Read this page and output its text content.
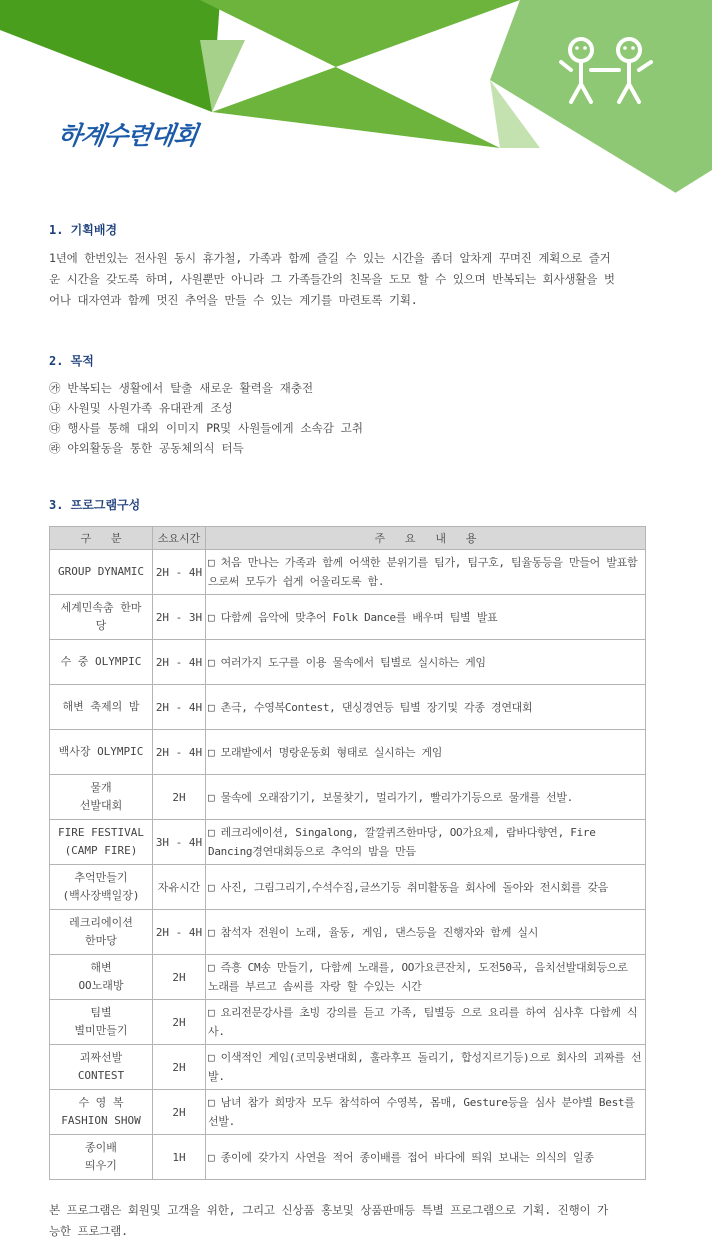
하계수련대회
1. 기획배경
1년에 한번있는 전사원 동시 휴가철, 가족과 함께 즐길 수 있는 시간을 좀더 알차게 꾸며진 계획으로 즐거
운 시간을 갖도록 하며, 사원뿐만 아니라 그 가족들간의 친목을 도모 할 수 있으며 반복되는 회사생활을 벗
어나 대자연과 함께 멋진 추억을 만들 수 있는 계기를 마련토록 기획.
2. 목적
㉮ 반복되는 생활에서 탈출 새로운 활력을 재충전
㉯ 사원및 사원가족 유대관계 조성
㉰ 행사를 통해 대외 이미지 PR및 사원들에게 소속감 고취
㉱ 야외활동을 통한 공동체의식 터득
3. 프로그램구성
구   분	소요시간	주   요   내   용

GROUP DYNAMIC	2H - 4H	□ 처음 만나는 가족과 함께 어색한 분위기를 팀가, 팀구호, 팀율동등을 만들어 발표함으로써 모두가 쉽게 어울리도록 함.

세계민속춤 한마
당	2H - 3H	□ 다함께 음악에 맞추어 Folk Dance를 배우며 팀별 발표

수 중 OLYMPIC	2H - 4H	□ 여러가지 도구를 이용 물속에서 팀별로 실시하는 게임

해변 축제의 밤	2H - 4H	□ 촌극, 수영복Contest, 댄싱경연등 팀별 장기및 각종 경연대회

백사장 OLYMPIC	2H - 4H	□ 모래밭에서 명랑운동회 형태로 실시하는 게임

물개
선발대회	2H	□ 물속에 오래잠기기, 보물찾기, 멀리가기, 빨리가기등으로 물개를 선발.

FIRE FESTIVAL
(CAMP FIRE)	3H - 4H	□ 레크리에이션, Singalong, 깔깔퀴즈한마당, OO가요제, 람바다향연, Fire Dancing경연대회등으로 추억의 밤을 만듬

추억만들기
(백사장백일장)	자유시간	□ 사진, 그림그리기,수석수집,글쓰기등 취미활동을 회사에 돌아와 전시회를 갖음

레크리에이션
한마당	2H - 4H	□ 참석자 전원이 노래, 율동, 게임, 댄스등을 진행자와 함께 실시

해변
OO노래방	2H	□ 즉흥 CM송 만들기, 다함께 노래를, OO가요큰잔치, 도전50곡, 음치선발대회등으로 노래를 부르고 솜씨를 자랑 할 수있는 시간

팀별
별미만들기	2H	□ 요리전문강사를 초빙 강의를 듣고 가족, 팀별등 으로 요리를 하여 심사후 다함께 식사.

괴짜선발
CONTEST	2H	□ 이색적인 게임(코믹웅변대회, 훌라후프 돌리기, 합성지르기등)으로 회사의 괴짜를 선발.

수 영 복
FASHION SHOW	2H	□ 남녀 참가 희망자 모두 참석하여 수영복, 몸매, Gesture등을 심사 분야별 Best를 선발.

종이배
띄우기	1H	□ 종이에 갖가지 사연을 적어 종이배를 접어 바다에 띄워 보내는 의식의 일종
본 프로그램은 회원및 고객을 위한, 그리고 신상품 홍보및 상품판매등 특별 프로그램으로 기획. 진행이 가
능한 프로그램.
